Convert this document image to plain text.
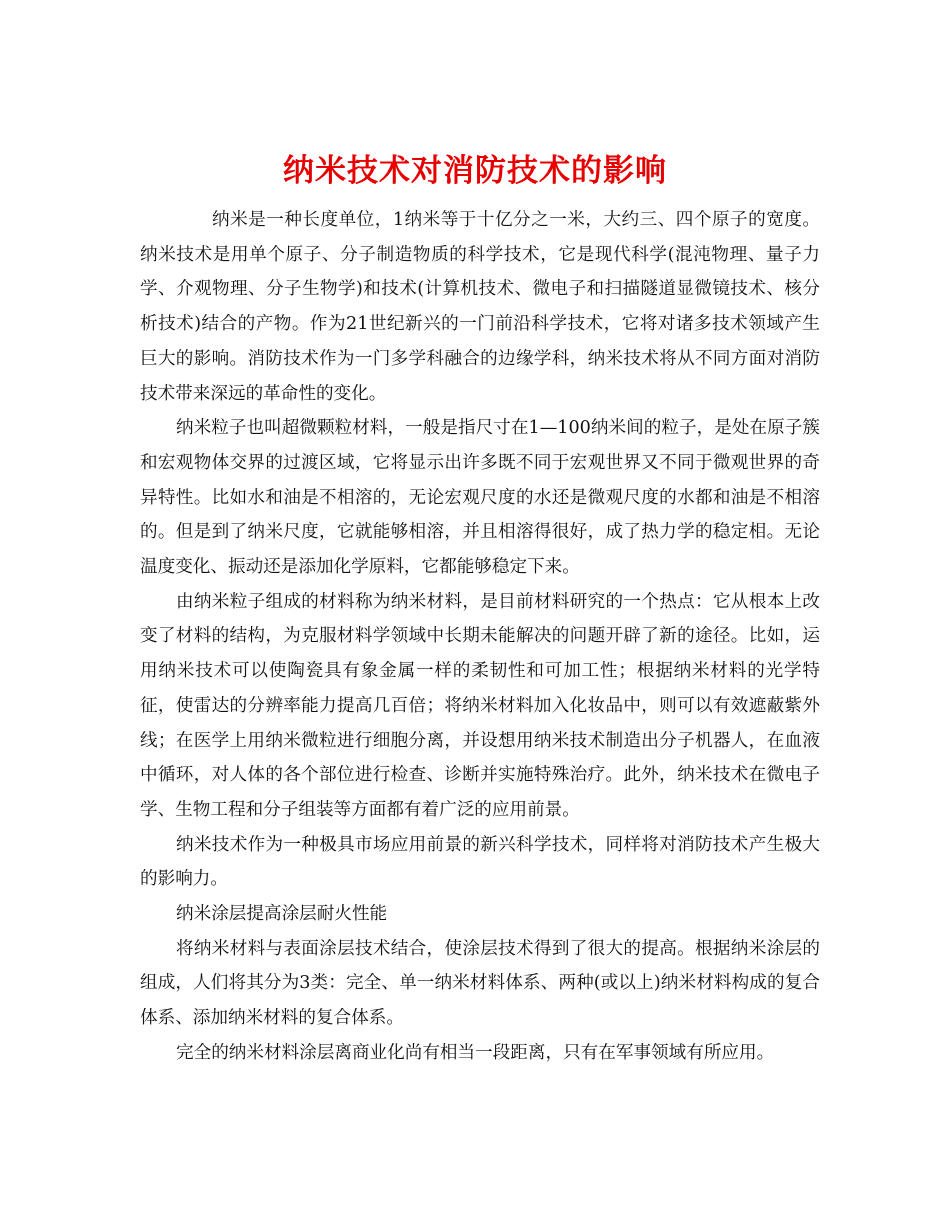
纳米技术对消防技术的影响

纳米是一种长度单位，1纳米等于十亿分之一米，大约三、四个原子的宽度。纳米技术是用单个原子、分子制造物质的科学技术，它是现代科学(混沌物理、量子力学、介观物理、分子生物学)和技术(计算机技术、微电子和扫描隧道显微镜技术、核分析技术)结合的产物。作为21世纪新兴的一门前沿科学技术，它将对诸多技术领域产生巨大的影响。消防技术作为一门多学科融合的边缘学科，纳米技术将从不同方面对消防技术带来深远的革命性的变化。

纳米粒子也叫超微颗粒材料，一般是指尺寸在1—100纳米间的粒子，是处在原子簇和宏观物体交界的过渡区域，它将显示出许多既不同于宏观世界又不同于微观世界的奇异特性。比如水和油是不相溶的，无论宏观尺度的水还是微观尺度的水都和油是不相溶的。但是到了纳米尺度，它就能够相溶，并且相溶得很好，成了热力学的稳定相。无论温度变化、振动还是添加化学原料，它都能够稳定下来。

由纳米粒子组成的材料称为纳米材料，是目前材料研究的一个热点：它从根本上改变了材料的结构，为克服材料学领域中长期未能解决的问题开辟了新的途径。比如，运用纳米技术可以使陶瓷具有象金属一样的柔韧性和可加工性；根据纳米材料的光学特征，使雷达的分辨率能力提高几百倍；将纳米材料加入化妆品中，则可以有效遮蔽紫外线；在医学上用纳米微粒进行细胞分离，并设想用纳米技术制造出分子机器人，在血液中循环，对人体的各个部位进行检查、诊断并实施特殊治疗。此外，纳米技术在微电子学、生物工程和分子组装等方面都有着广泛的应用前景。

纳米技术作为一种极具市场应用前景的新兴科学技术，同样将对消防技术产生极大的影响力。

纳米涂层提高涂层耐火性能

将纳米材料与表面涂层技术结合，使涂层技术得到了很大的提高。根据纳米涂层的组成，人们将其分为3类：完全、单一纳米材料体系、两种(或以上)纳米材料构成的复合体系、添加纳米材料的复合体系。

完全的纳米材料涂层离商业化尚有相当一段距离，只有在军事领域有所应用。
